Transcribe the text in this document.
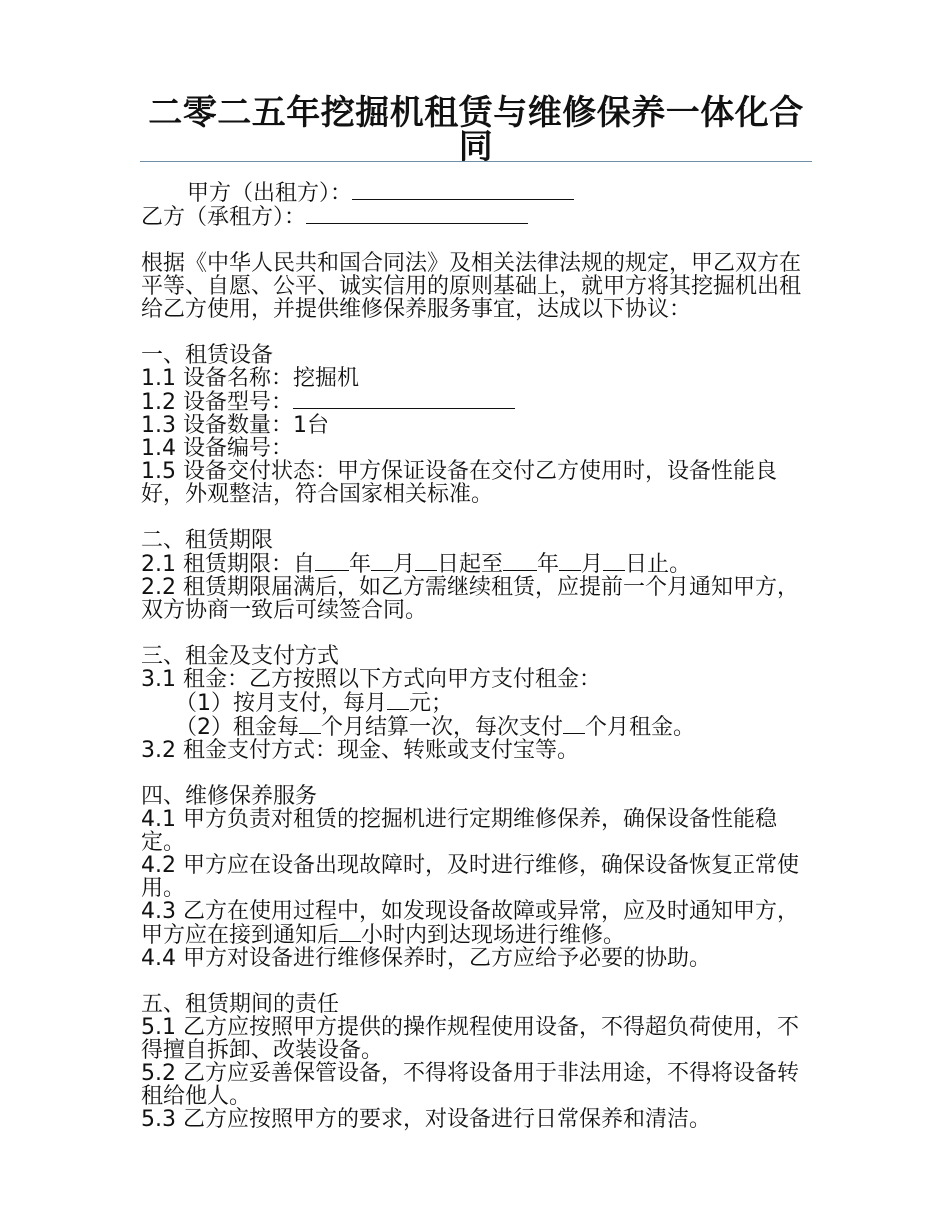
二零二五年挖掘机租赁与维修保养一体化合同
甲方（出租方）：
乙方（承租方）：
根据《中华人民共和国合同法》及相关法律法规的规定，甲乙双方在平等、自愿、公平、诚实信用的原则基础上，就甲方将其挖掘机出租给乙方使用，并提供维修保养服务事宜，达成以下协议：
一、租赁设备
1.1 设备名称：挖掘机
1.2 设备型号：
1.3 设备数量：1台
1.4 设备编号：
1.5 设备交付状态：甲方保证设备在交付乙方使用时，设备性能良好，外观整洁，符合国家相关标准。
二、租赁期限
2.1 租赁期限：自 年 月 日起至 年 月 日止。
2.2 租赁期限届满后，如乙方需继续租赁，应提前一个月通知甲方，双方协商一致后可续签合同。
三、租金及支付方式
3.1 租金：乙方按照以下方式向甲方支付租金：
（1）按月支付，每月 元；
（2）租金每 个月结算一次，每次支付 个月租金。
3.2 租金支付方式：现金、转账或支付宝等。
四、维修保养服务
4.1 甲方负责对租赁的挖掘机进行定期维修保养，确保设备性能稳定。
4.2 甲方应在设备出现故障时，及时进行维修，确保设备恢复正常使用。
4.3 乙方在使用过程中，如发现设备故障或异常，应及时通知甲方，甲方应在接到通知后 小时内到达现场进行维修。
4.4 甲方对设备进行维修保养时，乙方应给予必要的协助。
五、租赁期间的责任
5.1 乙方应按照甲方提供的操作规程使用设备，不得超负荷使用，不得擅自拆卸、改装设备。
5.2 乙方应妥善保管设备，不得将设备用于非法用途，不得将设备转租给他人。
5.3 乙方应按照甲方的要求，对设备进行日常保养和清洁。
